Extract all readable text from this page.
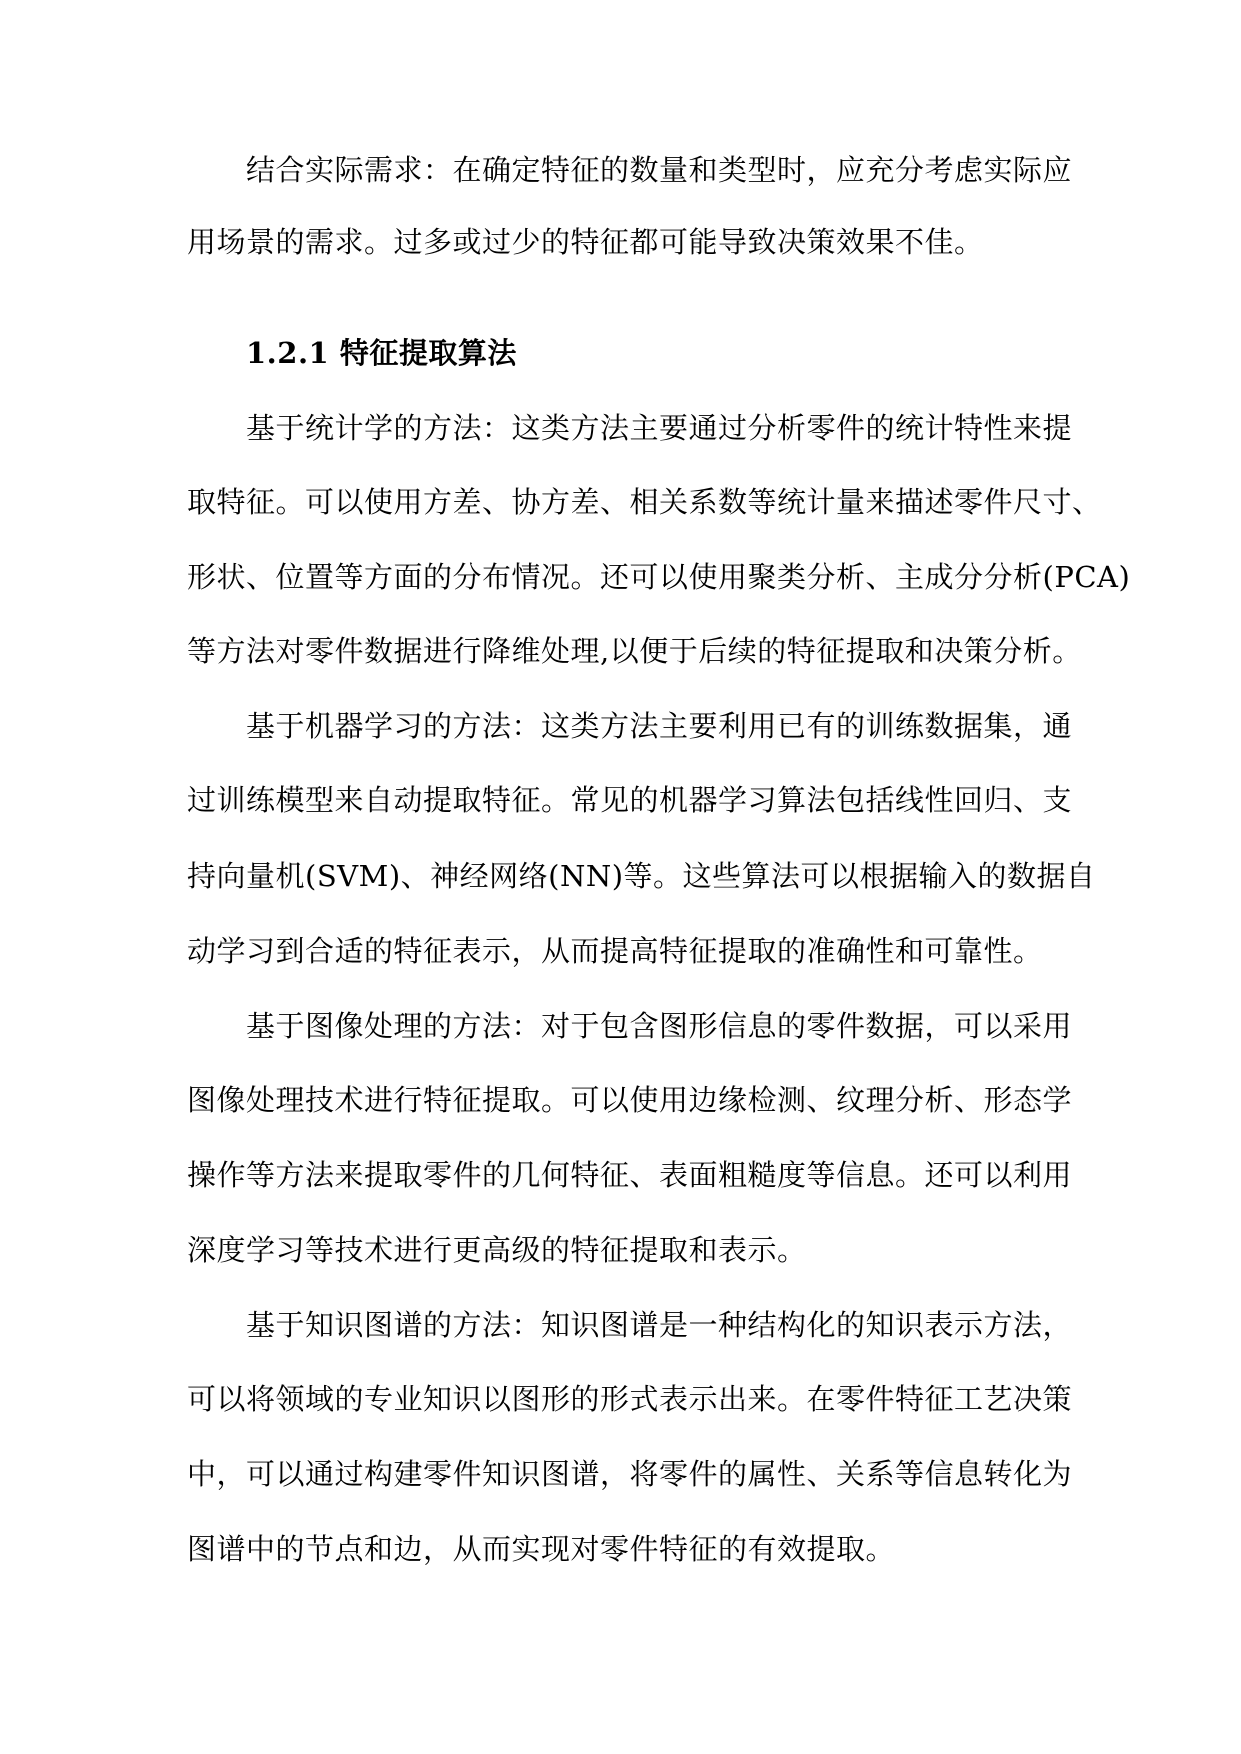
结合实际需求：在确定特征的数量和类型时，应充分考虑实际应
用场景的需求。过多或过少的特征都可能导致决策效果不佳。
1.2.1 特征提取算法
基于统计学的方法：这类方法主要通过分析零件的统计特性来提
取特征。可以使用方差、协方差、相关系数等统计量来描述零件尺寸、
形状、位置等方面的分布情况。还可以使用聚类分析、主成分分析(PCA)
等方法对零件数据进行降维处理,以便于后续的特征提取和决策分析。
基于机器学习的方法：这类方法主要利用已有的训练数据集，通
过训练模型来自动提取特征。常见的机器学习算法包括线性回归、支
持向量机(SVM)、神经网络(NN)等。这些算法可以根据输入的数据自
动学习到合适的特征表示，从而提高特征提取的准确性和可靠性。
基于图像处理的方法：对于包含图形信息的零件数据，可以采用
图像处理技术进行特征提取。可以使用边缘检测、纹理分析、形态学
操作等方法来提取零件的几何特征、表面粗糙度等信息。还可以利用
深度学习等技术进行更高级的特征提取和表示。
基于知识图谱的方法：知识图谱是一种结构化的知识表示方法，
可以将领域的专业知识以图形的形式表示出来。在零件特征工艺决策
中，可以通过构建零件知识图谱，将零件的属性、关系等信息转化为
图谱中的节点和边，从而实现对零件特征的有效提取。
